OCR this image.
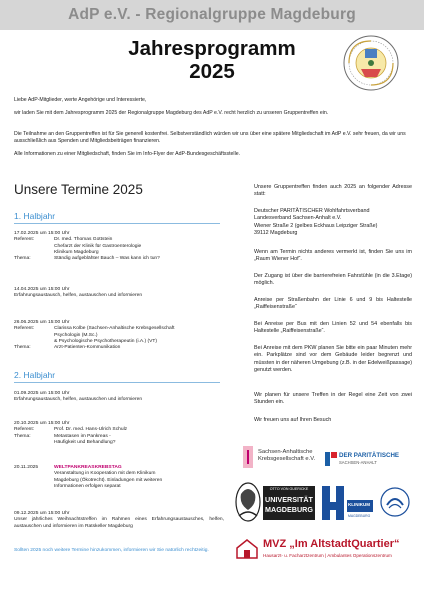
AdP e.V. - Regionalgruppe Magdeburg
Jahresprogramm
2025
Liebe AdP-Mitglieder, werte Angehörige und Interessierte,
wir laden Sie mit dem Jahresprogramm 2025 der Regionalgruppe Magdeburg des AdP e.V. recht herzlich zu unseren Gruppentreffen ein.
Die Teilnahme an den Gruppentreffen ist für Sie generell kostenfrei. Selbstverständlich würden wir uns über eine spätere Mitgliedschaft im AdP e.V. sehr freuen, da wir uns ausschließlich aus Spenden und Mitgliedsbeiträgen finanzieren.
Alle Informationen zu einer Mitgliedschaft, finden Sie im Info-Flyer der AdP-Bundesgeschäftsstelle.
Unsere Termine 2025
1. Halbjahr
17.02.2025 um 15:00 Uhr
Referent:	Dr. med. Thomas Gottstein
Chefarzt der Klinik für Gastroenterologie
Klinikum Magdeburg
Thema:	Ständig aufgeblähter Bauch – Was kann ich tun?
14.04.2025 um 15:00 Uhr
Erfahrungsaustausch, helfen, austauschen und informieren
26.06.2025 um 15:00 Uhr
Referent:	Clarissa Kolbe (Sachsen-Anhaltische Krebsgesellschaft
Psychologin (M.Sc.)
& Psychologische Psychotherapeutin (i.A.) (VT)
Thema:	Arzt-Patienten-Kommunikation
2. Halbjahr
01.09.2025 um 15:00 Uhr
Erfahrungsaustausch, helfen, austauschen und informieren
20.10.2025 um 15:00 Uhr
Referent:	Prof. Dr. med. Hans-Ulrich Schulz
Thema:	Metastasen im Pankreas -
Häufigkeit und Behandlung?
20.11.2025	WELTPANKREASKREBSTAG
Veranstaltung in Kooperation mit dem Klinikum
Magdeburg (Ökotrecht). Einladungen mit weiteren
Informationen erfolgen separat
09.12.2025 um 15:00 Uhr
Unser jährliches Weihnachtstreffen im Rahmen eines Erfahrungsaustausches, helfen, austauschen und informieren im Ratskeller Magdeburg
Sollten 2025 noch weitere Termine hinzukommen, informieren wir Sie natürlich rechtzeitig.
Unsere Gruppentreffen finden auch 2025 an folgender Adresse statt:
Deutscher PARITÄTISCHER Wohlfahrtsverband
Landesverband Sachsen-Anhalt e.V.
Wiener Straße 2 (gelbes Eckhaus Leipziger Straße)
39112 Magdeburg
Wenn am Termin nichts anderes vermerkt ist, finden Sie uns im „Raum Wiener Hof“.
Der Zugang ist über die barrierefreien Fahrstühle (in die 3.Etage) möglich.
Anreise per Straßenbahn der Linie 6 und 9 bis Haltestelle „Raiffeisenstraße“
Bei Anreise per Bus mit den Linien 52 und 54 ebenfalls bis Haltestelle „Raiffeisenstraße“.
Bei Anreise mit dem PKW planen Sie bitte ein paar Minuten mehr ein. Parkplätze sind vor dem Gebäude leider begrenzt und müssten in der näheren Umgebung (z.B. in der Edelweißpassage) genutzt werden.
Wir planen für unsere Treffen in der Regel eine Zeit von zwei Stunden ein.
Wir freuen uns auf Ihren Besuch
Sachsen-Anhaltische
Krebsgesellschaft e.V.	DER PARITÄTISCHE
SACHSEN-ANHALT
OTTO VON GUERICKE
UNIVERSITÄT
MAGDEBURG
KLINIKUM
MAGDEBURG
MVZ „Im AltstadtQuartier“
Hausarzt- u. Facharztzentrum | Ambulantes Operationszentrum
